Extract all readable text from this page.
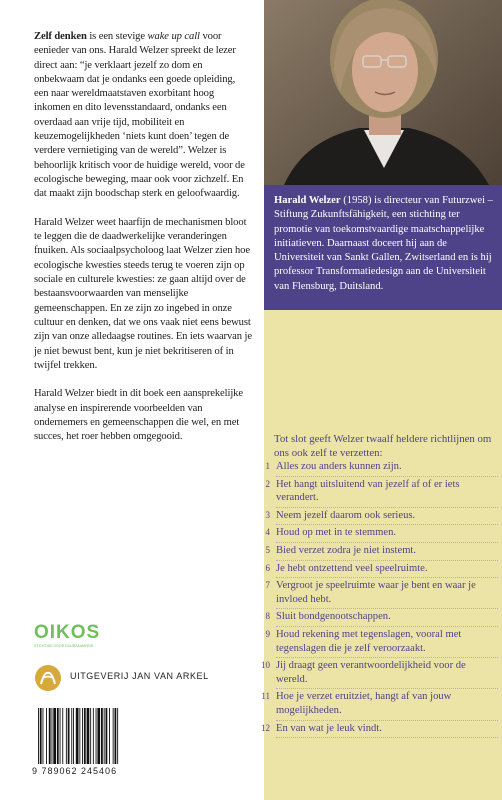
Zelf denken is een stevige wake up call voor eenieder van ons. Harald Welzer spreekt de lezer direct aan: “je verklaart jezelf zo dom en onbekwaam dat je ondanks een goede opleiding, een naar wereldmaatstaven exorbitant hoog inkomen en dito levensstandaard, ondanks een overdaad aan vrije tijd, mobiliteit en keuzemogelijkheden ‘niets kunt doen’ tegen de verdere vernietiging van de wereld”. Welzer is behoorlijk kritisch voor de huidige wereld, voor de ecologische beweging, maar ook voor zichzelf. En dat maakt zijn boodschap sterk en geloofwaardig.

Harald Welzer weet haarfijn de mechanismen bloot te leggen die de daadwerkelijke veranderingen fnuiken. Als sociaalpsycholoog laat Welzer zien hoe ecologische kwesties steeds terug te voeren zijn op sociale en culturele kwesties: ze gaan altijd over de bestaansvoorwaarden van menselijke gemeenschappen. En ze zijn zo ingebed in onze cultuur en denken, dat we ons vaak niet eens bewust zijn van onze alledaagse routines. En iets waarvan je je niet bewust bent, kun je niet bekritiseren of in twijfel trekken.

Harald Welzer biedt in dit boek een aansprekelijke analyse en inspirerende voorbeelden van ondernemers en gemeenschappen die wel, en met succes, het roer hebben omgegooid.

Harald Welzer (1958) is directeur van Futurzwei – Stiftung Zukunftsfähigkeit, een stichting ter promotie van toekomstvaardige maatschappelijke initiatieven. Daarnaast doceert hij aan de Universiteit van Sankt Gallen, Zwitserland en is hij professor Transformatiedesign aan de Universiteit van Flensburg, Duitsland.

Tot slot geeft Welzer twaalf heldere richtlijnen om ons ook zelf te verzetten:
1 Alles zou anders kunnen zijn.
2 Het hangt uitsluitend van jezelf af of er iets verandert.
3 Neem jezelf daarom ook serieus.
4 Houd op met in te stemmen.
5 Bied verzet zodra je niet instemt.
6 Je hebt ontzettend veel speelruimte.
7 Vergroot je speelruimte waar je bent en waar je invloed hebt.
8 Sluit bondgenootschappen.
9 Houd rekening met tegenslagen, vooral met tegenslagen die je zelf veroorzaakt.
10 Jij draagt geen verantwoordelijkheid voor de wereld.
11 Hoe je verzet eruitziet, hangt af van jouw mogelijkheden.
12 En van wat je leuk vindt.
OIKOS
STICHTING VOOR DUURZAAMHEID
UITGEVERIJ JAN VAN ARKEL
9 789062 245406
